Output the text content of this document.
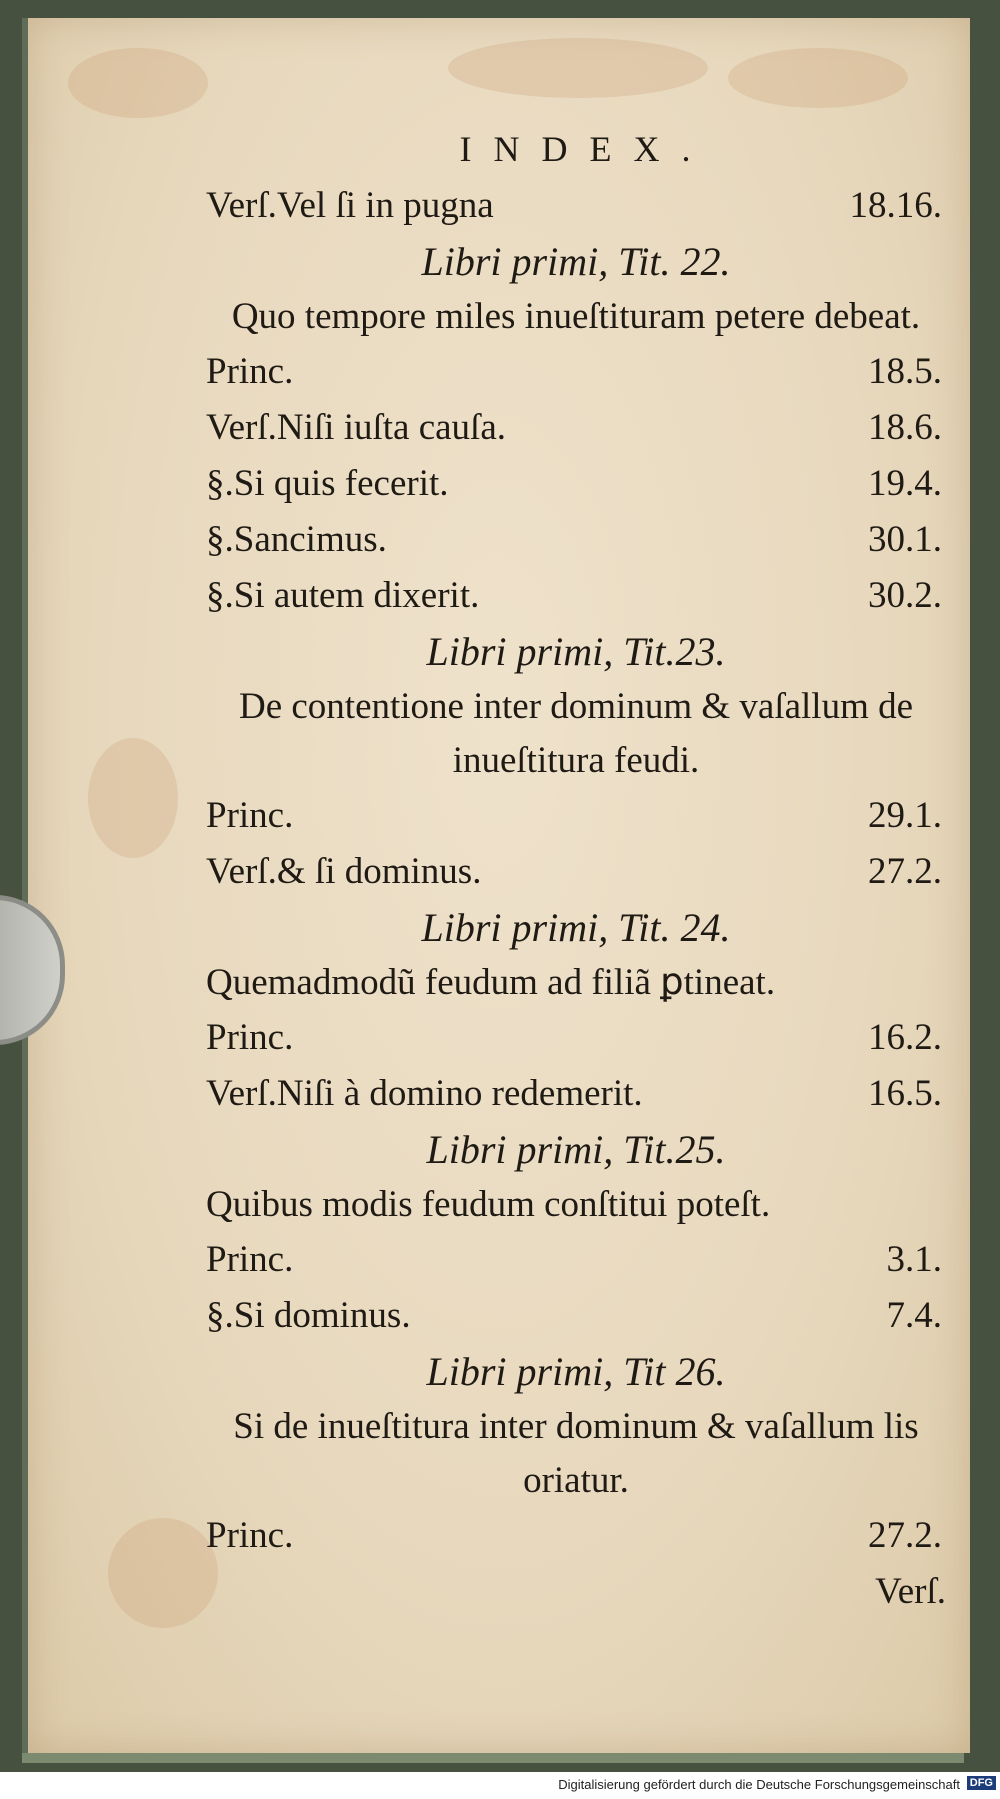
INDEX.
Verſ.Vel ſi in pugna	18.16.
Libri primi, Tit. 22.
Quo tempore miles inueſtituram petere debeat.
Princ.	18.5.
Verſ.Niſi iuſta cauſa.	18.6.
§.Si quis fecerit.	19.4.
§.Sancimus.	30.1.
§.Si autem dixerit.	30.2.
Libri primi, Tit.23.
De contentione inter dominum & vaſallum de inueſtitura feudi.
Princ.	29.1.
Verſ.& ſi dominus.	27.2.
Libri primi, Tit. 24.
Quemadmodũ feudum ad filiã ꝑtineat.
Princ.	16.2.
Verſ.Niſi à domino redemerit.	16.5.
Libri primi, Tit.25.
Quibus modis feudum conſtitui poteſt.
Princ.	3.1.
§.Si dominus.	7.4.
Libri primi, Tit 26.
Si de inueſtitura inter dominum & vaſallum lis oriatur.
Princ.	27.2.
Verſ.
Digitalisierung gefördert durch die Deutsche Forschungsgemeinschaft DFG
